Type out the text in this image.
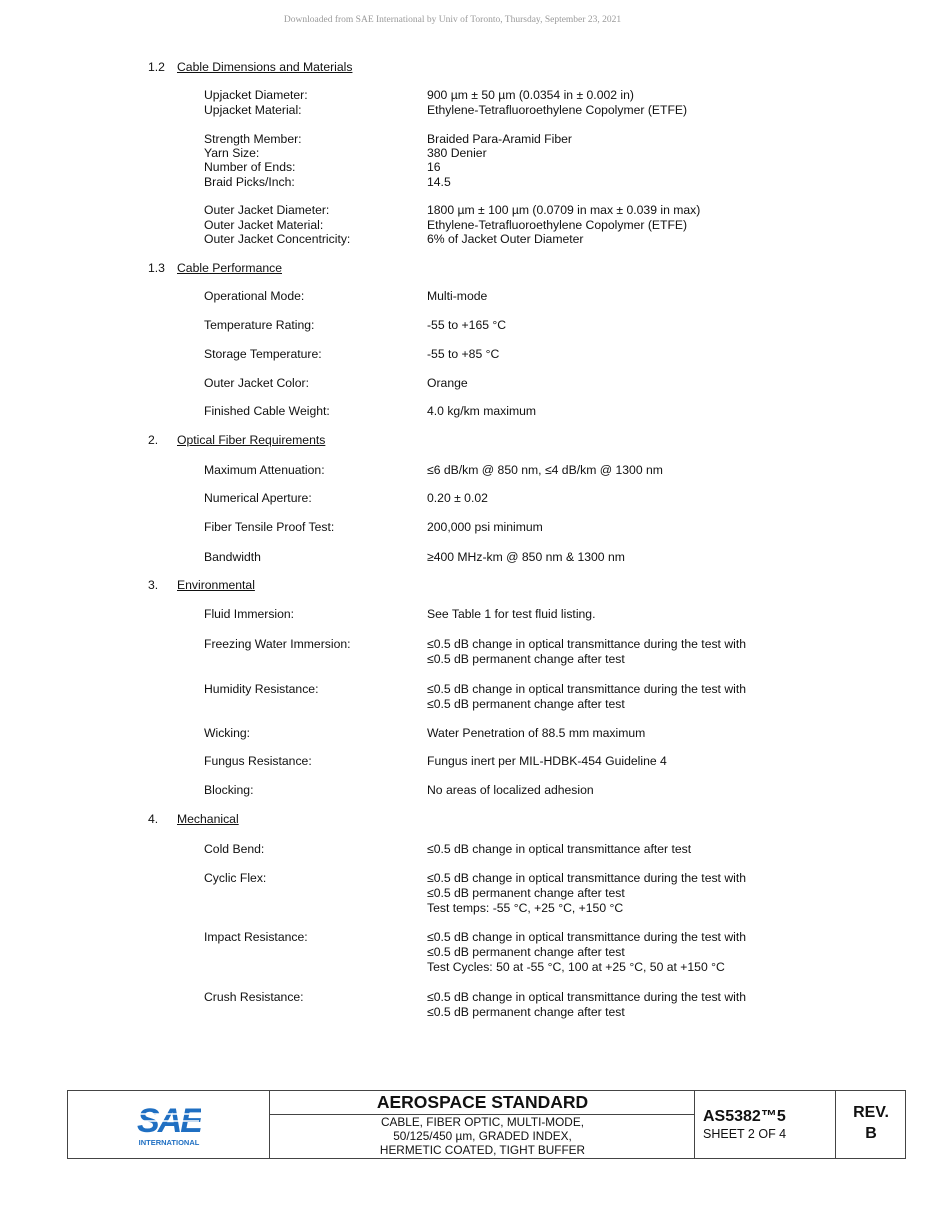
Downloaded from SAE International by Univ of Toronto, Thursday, September 23, 2021
1.2 Cable Dimensions and Materials
Upjacket Diameter:	900 µm ± 50 µm (0.0354 in ± 0.002 in)
Upjacket Material:	Ethylene-Tetrafluoroethylene Copolymer (ETFE)
Strength Member:	Braided Para-Aramid Fiber
Yarn Size:	380 Denier
Number of Ends:	16
Braid Picks/Inch:	14.5
Outer Jacket Diameter:	1800 µm ± 100 µm (0.0709 in max ± 0.039 in max)
Outer Jacket Material:	Ethylene-Tetrafluoroethylene Copolymer (ETFE)
Outer Jacket Concentricity:	6% of Jacket Outer Diameter
1.3 Cable Performance
Operational Mode:	Multi-mode
Temperature Rating:	-55 to +165 °C
Storage Temperature:	-55 to +85 °C
Outer Jacket Color:	Orange
Finished Cable Weight:	4.0 kg/km maximum
2. Optical Fiber Requirements
Maximum Attenuation:	≤6 dB/km @ 850 nm, ≤4 dB/km @ 1300 nm
Numerical Aperture:	0.20 ± 0.02
Fiber Tensile Proof Test:	200,000 psi minimum
Bandwidth	≥400 MHz-km @ 850 nm & 1300 nm
3. Environmental
Fluid Immersion:	See Table 1 for test fluid listing.
Freezing Water Immersion:	≤0.5 dB change in optical transmittance during the test with
≤0.5 dB permanent change after test
Humidity Resistance:	≤0.5 dB change in optical transmittance during the test with
≤0.5 dB permanent change after test
Wicking:	Water Penetration of 88.5 mm maximum
Fungus Resistance:	Fungus inert per MIL-HDBK-454 Guideline 4
Blocking:	No areas of localized adhesion
4. Mechanical
Cold Bend:	≤0.5 dB change in optical transmittance after test
Cyclic Flex:	≤0.5 dB change in optical transmittance during the test with
≤0.5 dB permanent change after test
Test temps: -55 °C, +25 °C, +150 °C
Impact Resistance:	≤0.5 dB change in optical transmittance during the test with
≤0.5 dB permanent change after test
Test Cycles: 50 at -55 °C, 100 at +25 °C, 50 at +150 °C
Crush Resistance:	≤0.5 dB change in optical transmittance during the test with
≤0.5 dB permanent change after test
SAE
INTERNATIONAL
AEROSPACE STANDARD
CABLE, FIBER OPTIC, MULTI-MODE,
50/125/450 µm, GRADED INDEX,
HERMETIC COATED, TIGHT BUFFER
AS5382™5
SHEET 2 OF 4
REV.
B
